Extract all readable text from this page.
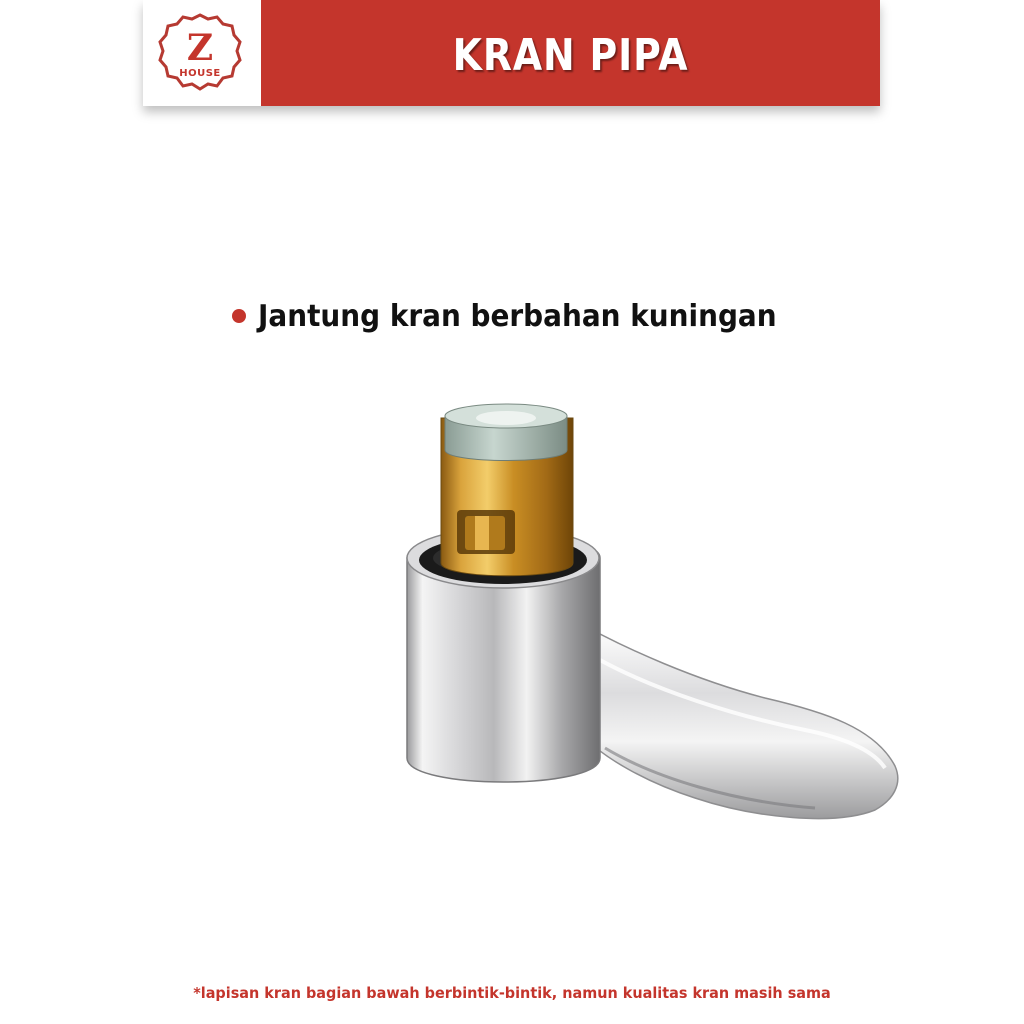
Z
HOUSE	KRAN PIPA
Jantung kran berbahan kuningan
*lapisan kran bagian bawah berbintik-bintik, namun kualitas kran masih sama
